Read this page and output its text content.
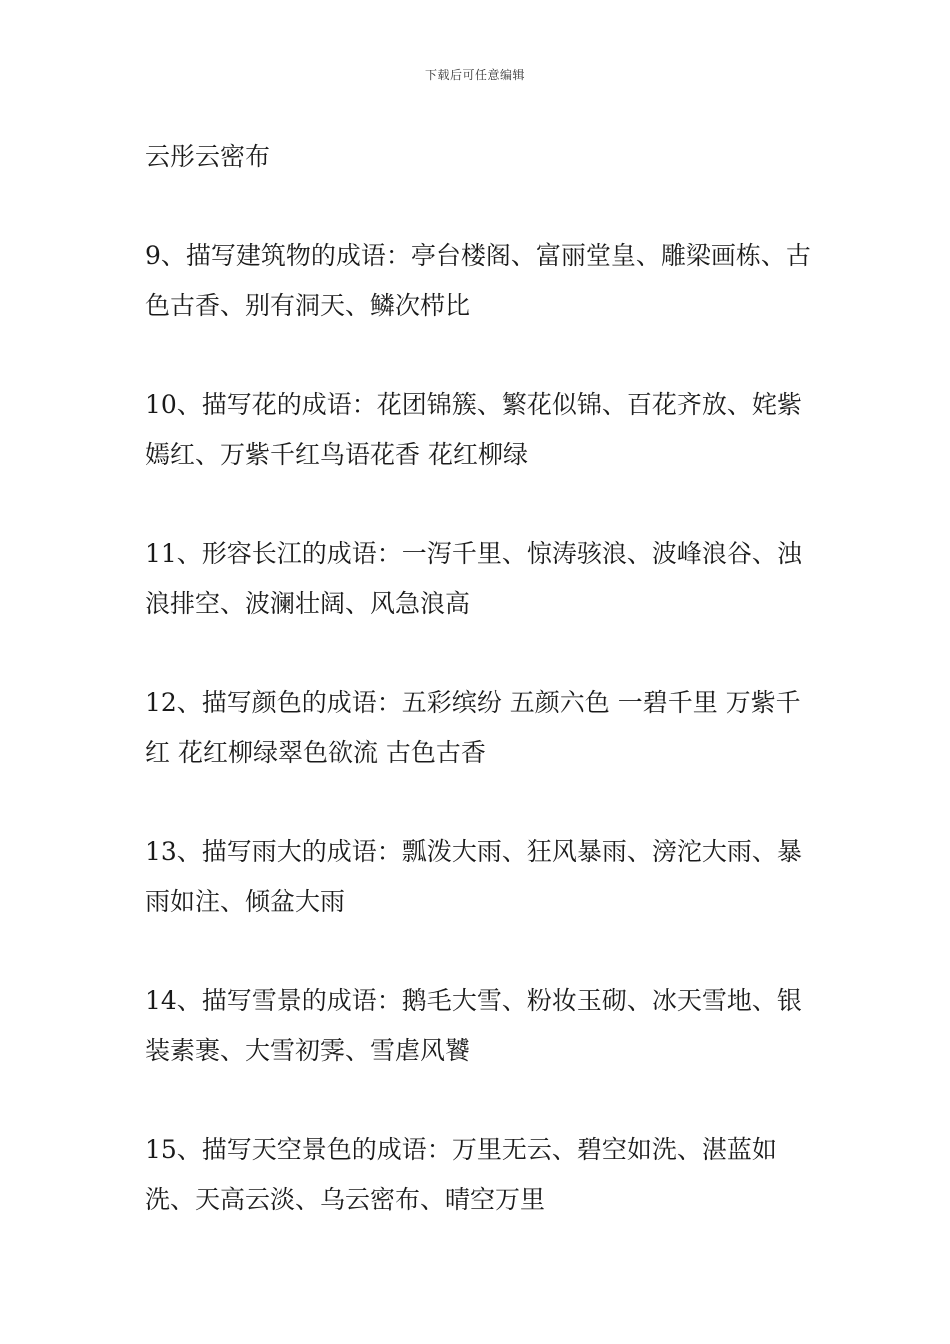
下载后可任意编辑

云彤云密布

9、描写建筑物的成语：亭台楼阁、富丽堂皇、雕梁画栋、古色古香、别有洞天、鳞次栉比

10、描写花的成语：花团锦簇、繁花似锦、百花齐放、姹紫嫣红、万紫千红鸟语花香 花红柳绿

11、形容长江的成语：一泻千里、惊涛骇浪、波峰浪谷、浊浪排空、波澜壮阔、风急浪高

12、描写颜色的成语：五彩缤纷 五颜六色 一碧千里 万紫千红 花红柳绿翠色欲流 古色古香

13、描写雨大的成语：瓢泼大雨、狂风暴雨、滂沱大雨、暴雨如注、倾盆大雨

14、描写雪景的成语：鹅毛大雪、粉妆玉砌、冰天雪地、银装素裹、大雪初霁、雪虐风饕

15、描写天空景色的成语：万里无云、碧空如洗、湛蓝如洗、天高云淡、乌云密布、晴空万里
